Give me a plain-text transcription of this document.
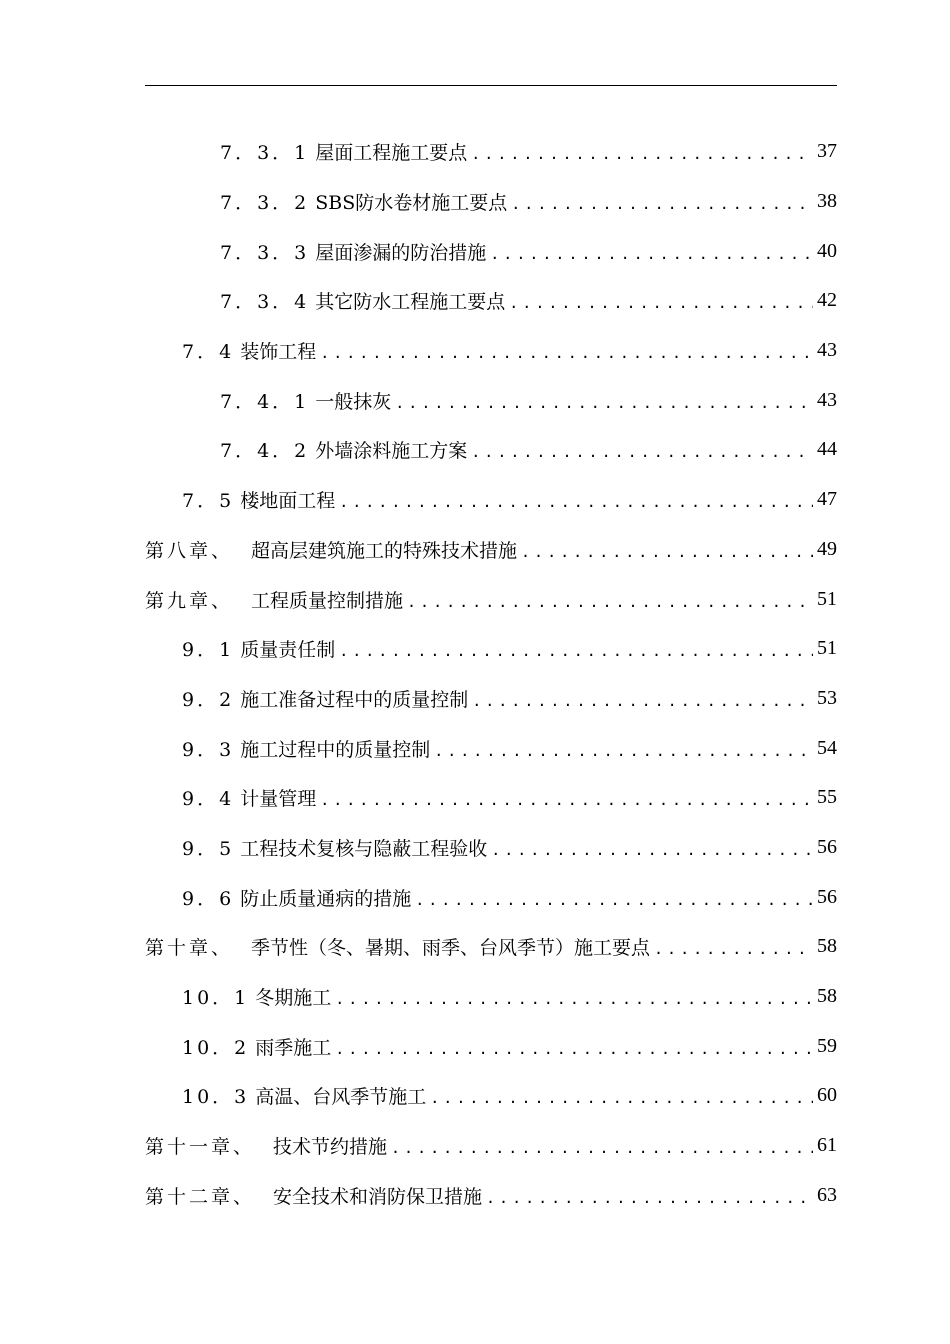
7．3．1 屋面工程施工要点 .....	37
7．3．2 SBS防水卷材施工要点 .....	38
7．3．3 屋面渗漏的防治措施 .....	40
7．3．4 其它防水工程施工要点 .....	42
7．4 装饰工程 .....	43
7．4．1 一般抹灰 .....	43
7．4．2 外墙涂料施工方案 .....	44
7．5 楼地面工程 .....	47
第八章、 超高层建筑施工的特殊技术措施 .....	49
第九章、 工程质量控制措施 .....	51
9．1 质量责任制 .....	51
9．2 施工准备过程中的质量控制 .....	53
9．3 施工过程中的质量控制 .....	54
9．4 计量管理 .....	55
9．5 工程技术复核与隐蔽工程验收 .....	56
9．6 防止质量通病的措施 .....	56
第十章、 季节性（冬、暑期、雨季、台风季节）施工要点 .....	58
10．1 冬期施工 .....	58
10．2 雨季施工 .....	59
10．3 高温、台风季节施工 .....	60
第十一章、 技术节约措施 .....	61
第十二章、 安全技术和消防保卫措施 .....	63
